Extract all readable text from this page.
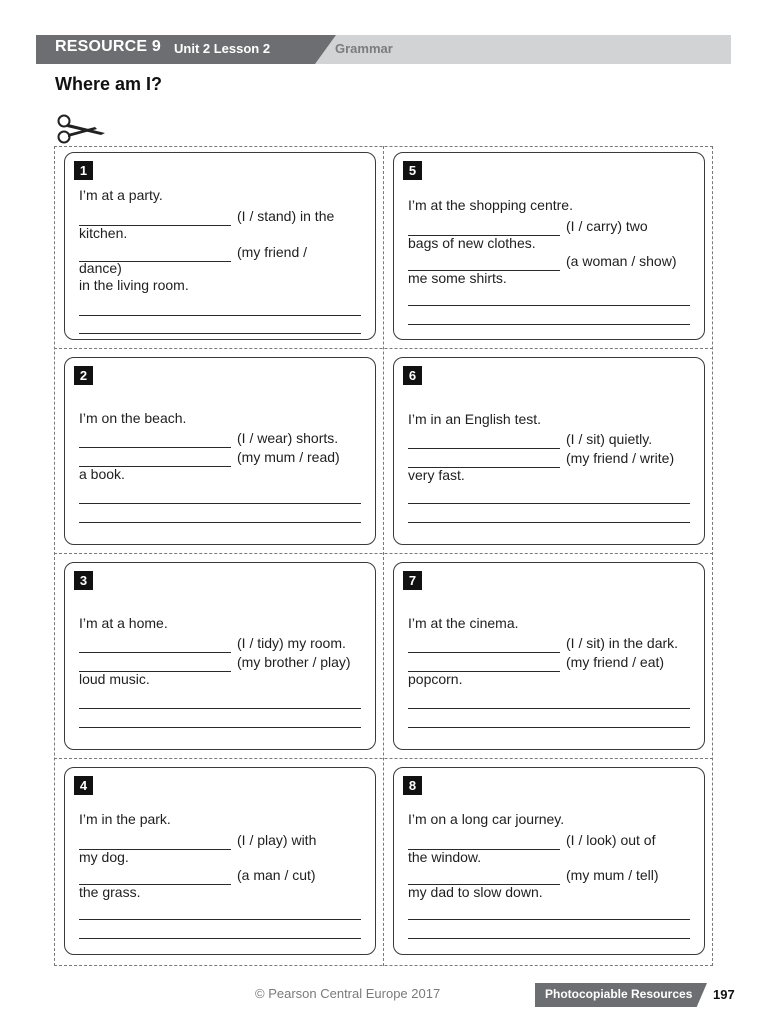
RESOURCE 9 Unit 2 Lesson 2	Grammar
Where am I?
1
I’m at a party.
(I / stand) in the
kitchen.
(my friend /
dance)
in the living room.
5
I’m at the shopping centre.
(I / carry) two
bags of new clothes.
(a woman / show)
me some shirts.
2
I’m on the beach.
(I / wear) shorts.
(my mum / read)
a book.
6
I’m in an English test.
(I / sit) quietly.
(my friend / write)
very fast.
3
I’m at a home.
(I / tidy) my room.
(my brother / play)
loud music.
7
I’m at the cinema.
(I / sit) in the dark.
(my friend / eat)
popcorn.
4
I’m in the park.
(I / play) with
my dog.
(a man / cut)
the grass.
8
I’m on a long car journey.
(I / look) out of
the window.
(my mum / tell)
my dad to slow down.
© Pearson Central Europe 2017	Photocopiable Resources 197
